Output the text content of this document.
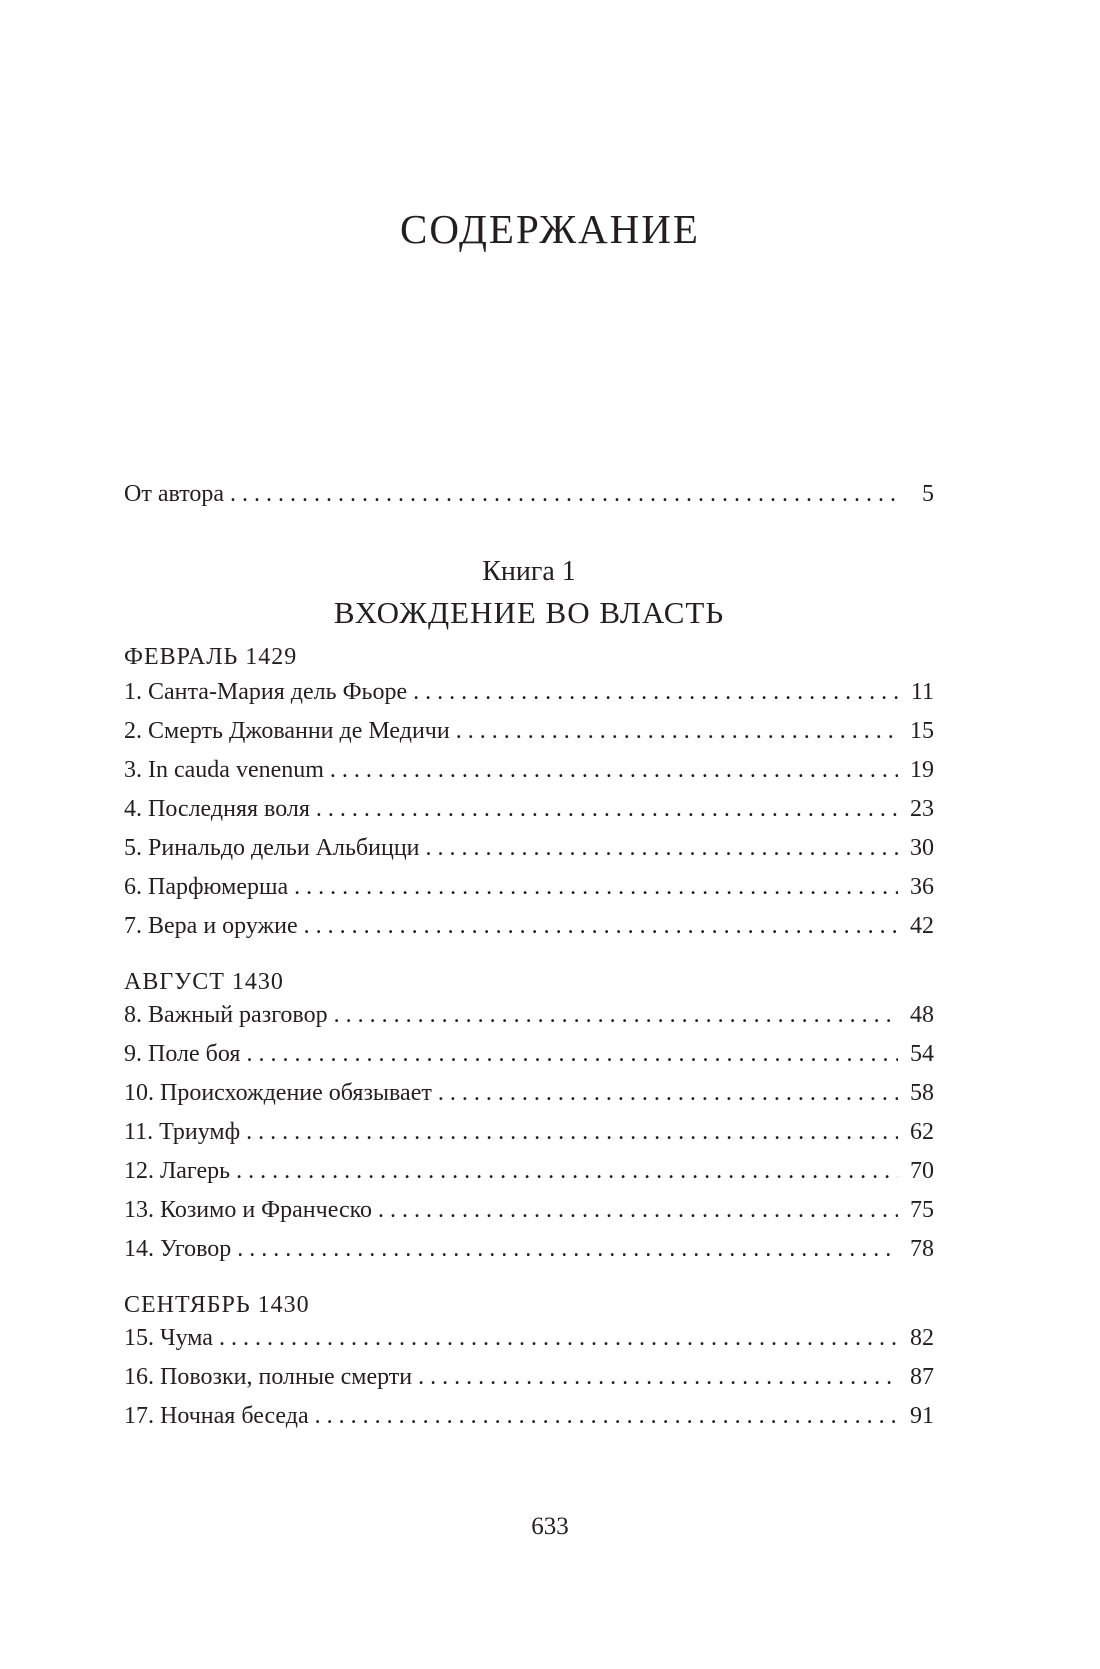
СОДЕРЖАНИЕ
От автора . . .	5
Книга 1
ВХОЖДЕНИЕ ВО ВЛАСТЬ
ФЕВРАЛЬ 1429
1. Санта-Мария дель Фьоре . . .	11
2. Смерть Джованни де Медичи . . .	15
3. In cauda venenum . . .	19
4. Последняя воля . . .	23
5. Ринальдо дельи Альбицци . . .	30
6. Парфюмерша . . .	36
7. Вера и оружие . . .	42
АВГУСТ 1430
8. Важный разговор . . .	48
9. Поле боя . . .	54
10. Происхождение обязывает . . .	58
11. Триумф . . .	62
12. Лагерь . . .	70
13. Козимо и Франческо . . .	75
14. Уговор . . .	78
СЕНТЯБРЬ 1430
15. Чума . . .	82
16. Повозки, полные смерти . . .	87
17. Ночная беседа . . .	91
633
